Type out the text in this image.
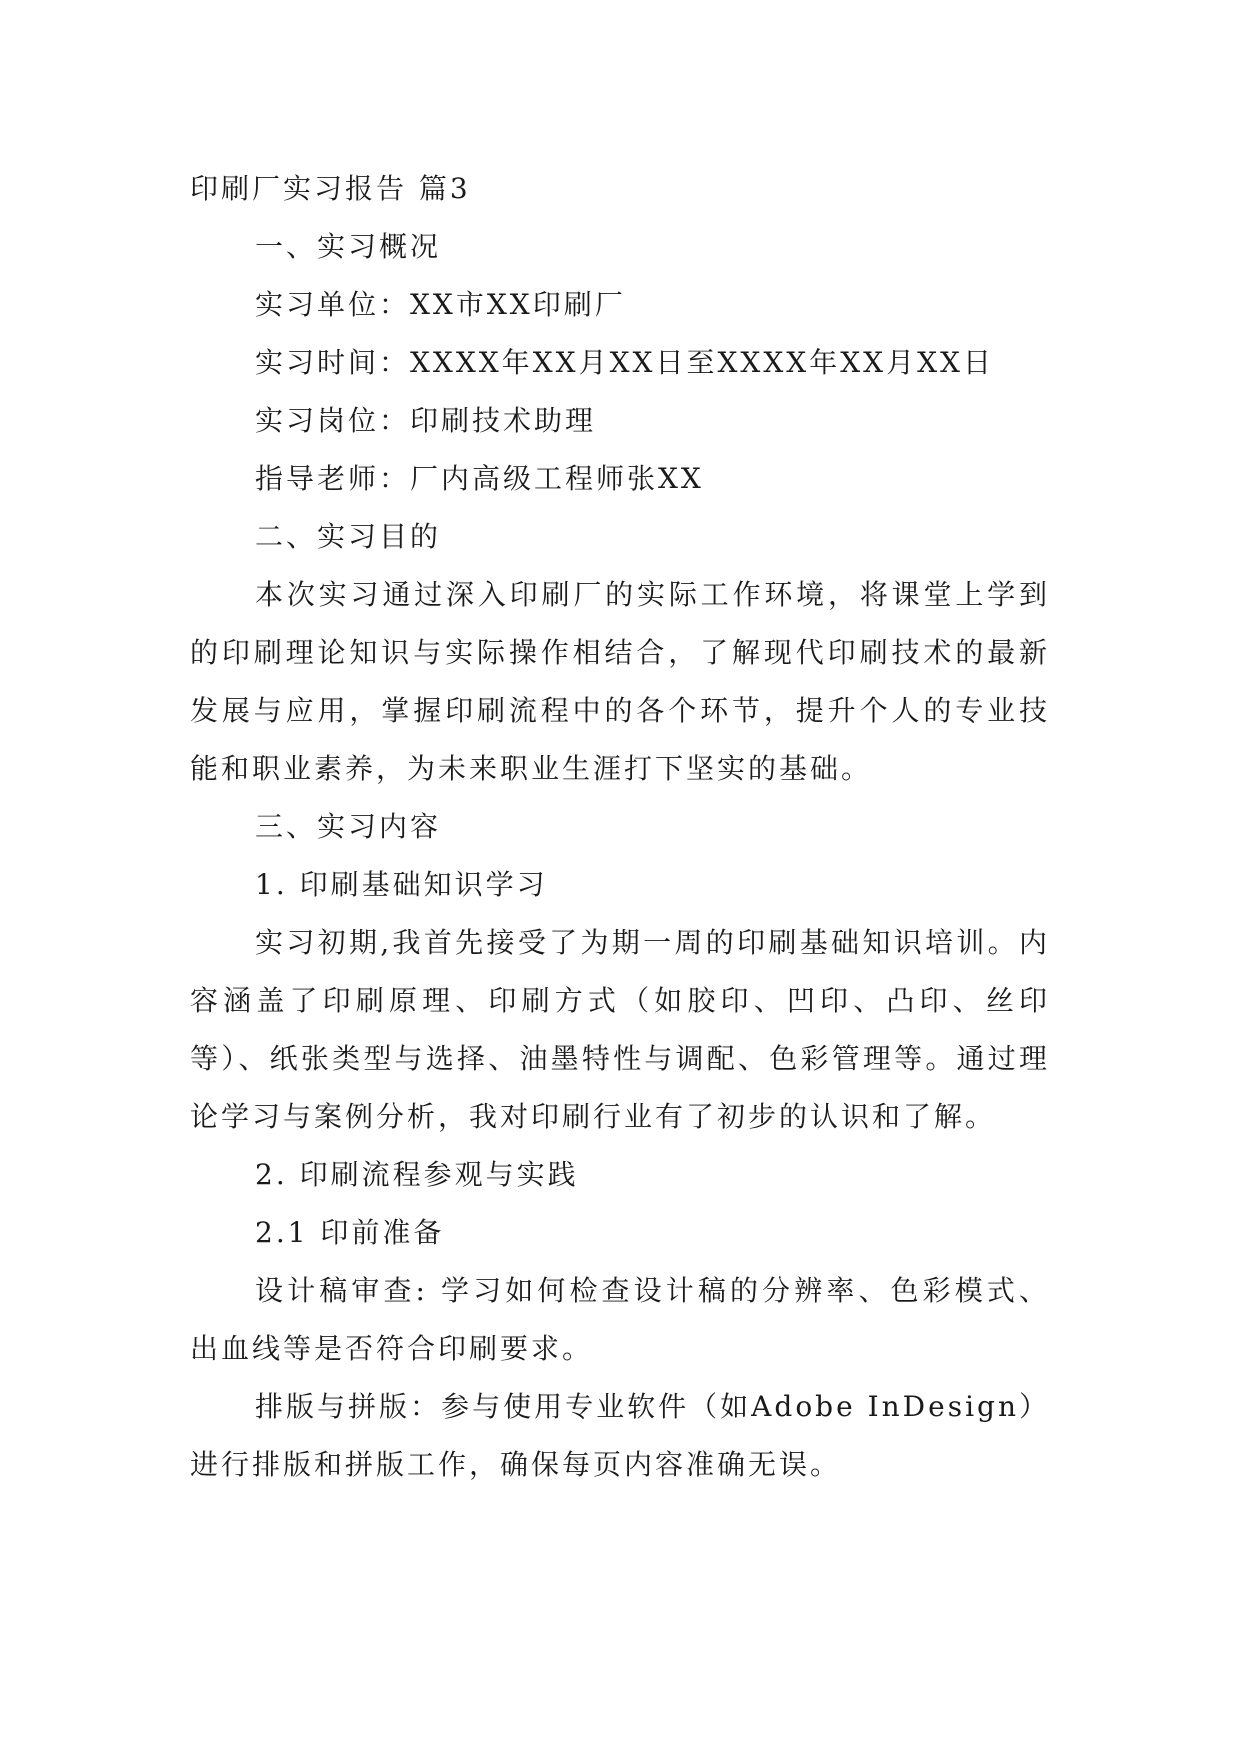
印刷厂实习报告 篇3

一、实习概况

实习单位：XX市XX印刷厂

实习时间：XXXX年XX月XX日至XXXX年XX月XX日

实习岗位：印刷技术助理

指导老师：厂内高级工程师张XX

二、实习目的

本次实习通过深入印刷厂的实际工作环境，将课堂上学到的印刷理论知识与实际操作相结合，了解现代印刷技术的最新发展与应用，掌握印刷流程中的各个环节，提升个人的专业技能和职业素养，为未来职业生涯打下坚实的基础。

三、实习内容

1. 印刷基础知识学习

实习初期,我首先接受了为期一周的印刷基础知识培训。内容涵盖了印刷原理、印刷方式（如胶印、凹印、凸印、丝印等）、纸张类型与选择、油墨特性与调配、色彩管理等。通过理论学习与案例分析，我对印刷行业有了初步的认识和了解。

2. 印刷流程参观与实践

2.1 印前准备

设计稿审查: 学习如何检查设计稿的分辨率、色彩模式、出血线等是否符合印刷要求。

排版与拼版：参与使用专业软件（如Adobe InDesign）进行排版和拼版工作，确保每页内容准确无误。
